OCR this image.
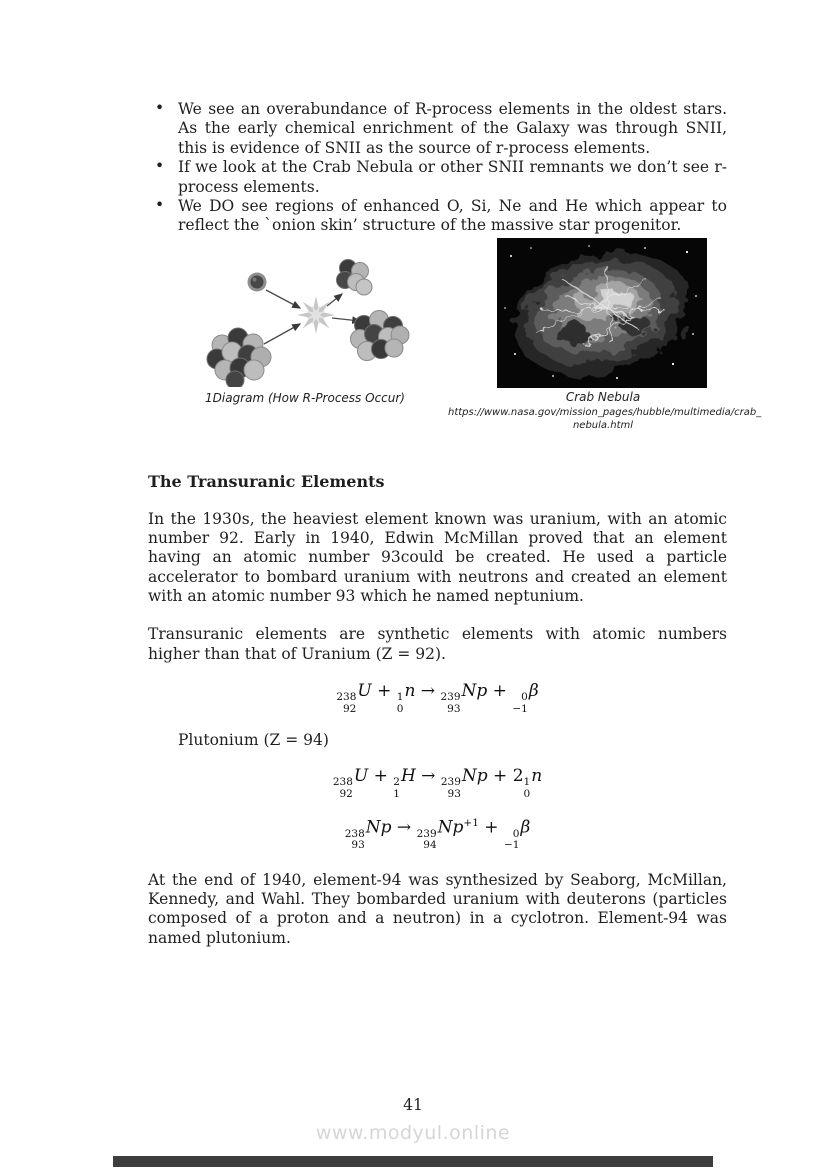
• We see an overabundance of R-process elements in the oldest stars. As the early chemical enrichment of the Galaxy was through SNII, this is evidence of SNII as the source of r-process elements.
• If we look at the Crab Nebula or other SNII remnants we don’t see r-process elements.
• We DO see regions of enhanced O, Si, Ne and He which appear to reflect the `onion skin’ structure of the massive star progenitor.
1Diagram (How R-Process Occur)	Crab Nebula
https://www.nasa.gov/mission_pages/hubble/multimedia/crab_
nebula.html
The Transuranic Elements

In the 1930s, the heaviest element known was uranium, with an atomic number 92. Early in 1940, Edwin McMillan proved that an element having an atomic number 93could be created. He used a particle accelerator to bombard uranium with neutrons and created an element with an atomic number 93 which he named neptunium.

Transuranic elements are synthetic elements with atomic numbers higher than that of Uranium (Z = 92).

238
92
U + 1
0
n → 239
93
Np + 0
−1
β

Plutonium (Z = 94)

238
92
U + 2
1
H → 239
93
Np + 2 1
0
n
238
93
Np → 239
94
$Np^{+1} + 0$
−1
β

At the end of 1940, element-94 was synthesized by Seaborg, McMillan, Kennedy, and Wahl. They bombarded uranium with deuterons (particles composed of a proton and a neutron) in a cyclotron. Element-94 was named plutonium.

41
www.modyul.online
